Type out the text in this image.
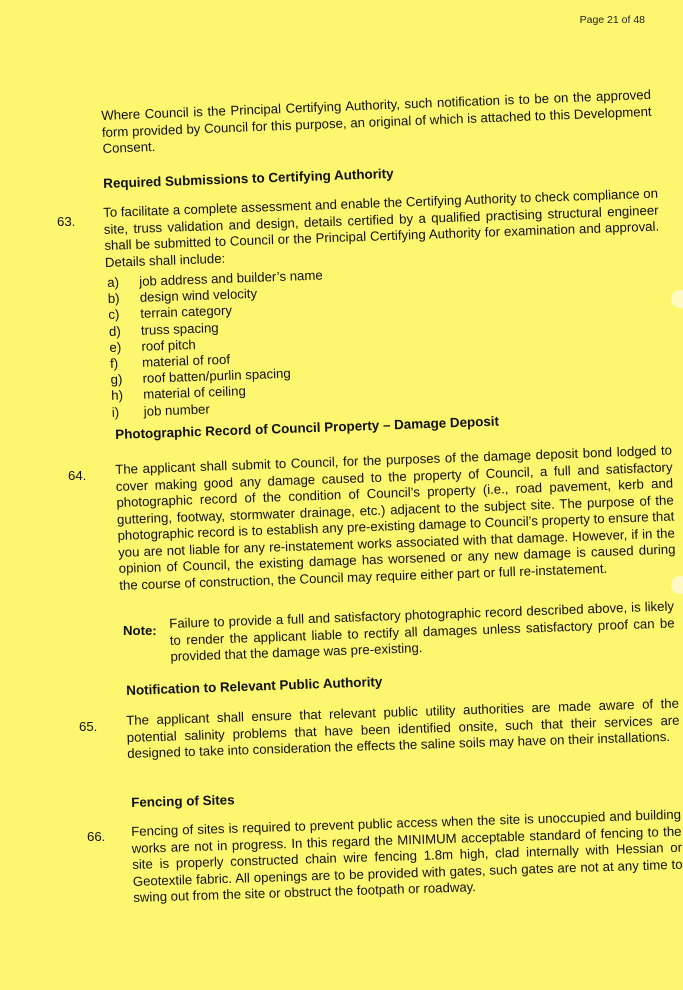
Page 21 of 48
Where Council is the Principal Certifying Authority, such notification is to be on the approved form provided by Council for this purpose, an original of which is attached to this Development Consent.
Required Submissions to Certifying Authority
63.
To facilitate a complete assessment and enable the Certifying Authority to check compliance on site, truss validation and design, details certified by a qualified practising structural engineer shall be submitted to Council or the Principal Certifying Authority for examination and approval. Details shall include:
a) job address and builder’s name
b) design wind velocity
c) terrain category
d) truss spacing
e) roof pitch
f) material of roof
g) roof batten/purlin spacing
h) material of ceiling
i) job number
Photographic Record of Council Property – Damage Deposit
64. The applicant shall submit to Council, for the purposes of the damage deposit bond lodged to cover making good any damage caused to the property of Council, a full and satisfactory photographic record of the condition of Council’s property (i.e., road pavement, kerb and guttering, footway, stormwater drainage, etc.) adjacent to the subject site. The purpose of the photographic record is to establish any pre-existing damage to Council’s property to ensure that you are not liable for any re-instatement works associated with that damage. However, if in the opinion of Council, the existing damage has worsened or any new damage is caused during the course of construction, the Council may require either part or full re-instatement.
Note: Failure to provide a full and satisfactory photographic record described above, is likely to render the applicant liable to rectify all damages unless satisfactory proof can be provided that the damage was pre-existing.
Notification to Relevant Public Authority
65. The applicant shall ensure that relevant public utility authorities are made aware of the potential salinity problems that have been identified onsite, such that their services are designed to take into consideration the effects the saline soils may have on their installations.
Fencing of Sites
66. Fencing of sites is required to prevent public access when the site is unoccupied and building works are not in progress. In this regard the MINIMUM acceptable standard of fencing to the site is properly constructed chain wire fencing 1.8m high, clad internally with Hessian or Geotextile fabric. All openings are to be provided with gates, such gates are not at any time to swing out from the site or obstruct the footpath or roadway.
